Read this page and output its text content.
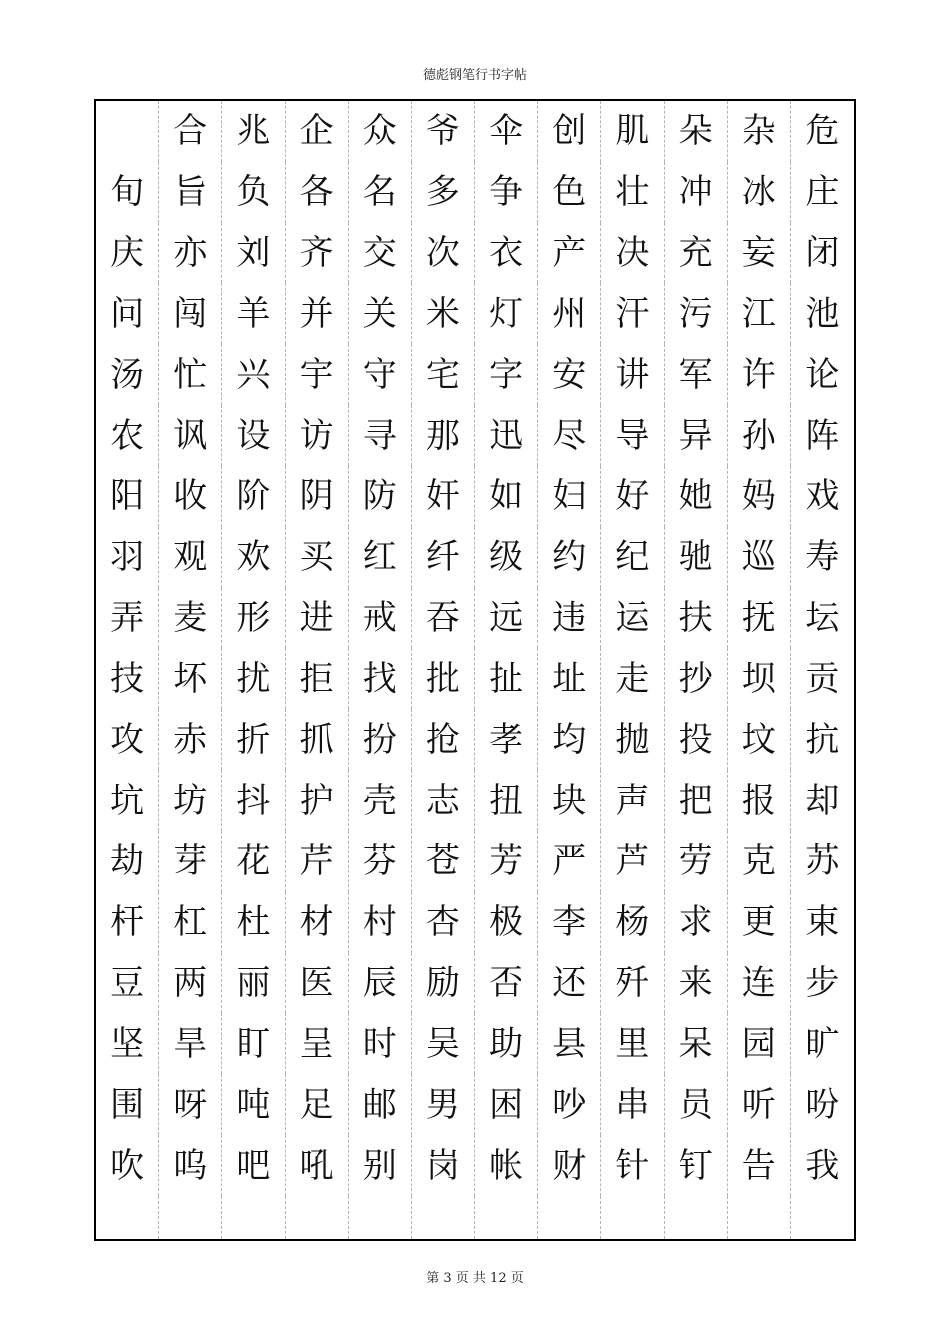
德彪钢笔行书字帖
合 兆 企 众 爷 伞 创 肌 朵 杂 危
旬 旨 负 各 名 多 争 色 壮 冲 冰 庄
庆 亦 刘 齐 交 次 衣 产 决 充 妄 闭
问 闯 羊 并 关 米 灯 州 汗 污 江 池
汤 忙 兴 宇 守 宅 字 安 讲 军 许 论
农 讽 设 访 寻 那 迅 尽 导 异 孙 阵
阳 收 阶 阴 防 奸 如 妇 好 她 妈 戏
羽 观 欢 买 红 纤 级 约 纪 驰 巡 寿
弄 麦 形 进 戒 吞 远 违 运 扶 抚 坛
技 坏 扰 拒 找 批 扯 址 走 抄 坝 贡
攻 赤 折 抓 扮 抢 孝 均 抛 投 坟 抗
坑 坊 抖 护 壳 志 扭 块 声 把 报 却
劫 芽 花 芹 芬 苍 芳 严 芦 劳 克 苏
杆 杠 杜 材 村 杏 极 李 杨 求 更 束
豆 两 丽 医 辰 励 否 还 歼 来 连 步
坚 旱 盯 呈 时 吴 助 县 里 呆 园 旷
围 呀 吨 足 邮 男 困 吵 串 员 听 吩
吹 呜 吧 吼 别 岗 帐 财 针 钉 告 我
第 3 页 共 12 页
